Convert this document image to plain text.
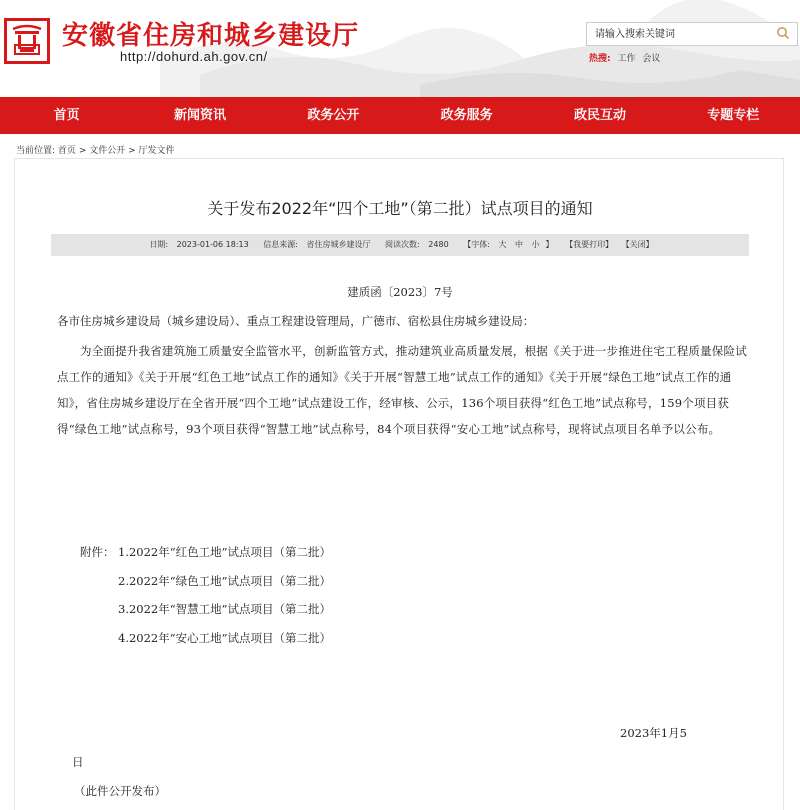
安徽省住房和城乡建设厅
http://dohurd.ah.gov.cn/
请输入搜索关键词	热搜: 工作 会议
首页	新闻资讯	政务公开	政务服务	政民互动	专题专栏
当前位置: 首页 > 文件公开 > 厅发文件
关于发布2022年“四个工地”（第二批）试点项目的通知
日期: 2023-01-06 18:13 信息来源: 省住房城乡建设厅 阅读次数: 2480 【字体: 大 中 小 】 【我要打印】 【关闭】
建质函〔2023〕7号
各市住房城乡建设局（城乡建设局）、重点工程建设管理局，广德市、宿松县住房城乡建设局：
为全面提升我省建筑施工质量安全监管水平，创新监管方式，推动建筑业高质量发展，根据《关于进一步推进住宅工程质量保险试点工作的通知》《关于开展“红色工地”试点工作的通知》《关于开展“智慧工地”试点工作的通知》《关于开展“绿色工地”试点工作的通知》，省住房城乡建设厅在全省开展“四个工地”试点建设工作，经审核、公示，136个项目获得“红色工地”试点称号，159个项目获得“绿色工地”试点称号，93个项目获得“智慧工地”试点称号，84个项目获得“安心工地”试点称号，现将试点项目名单予以公布。
附件： 1.2022年“红色工地”试点项目（第二批）
2.2022年“绿色工地”试点项目（第二批）
3.2022年“智慧工地”试点项目（第二批）
4.2022年“安心工地”试点项目（第二批）
2023年1月5
日
（此件公开发布）
